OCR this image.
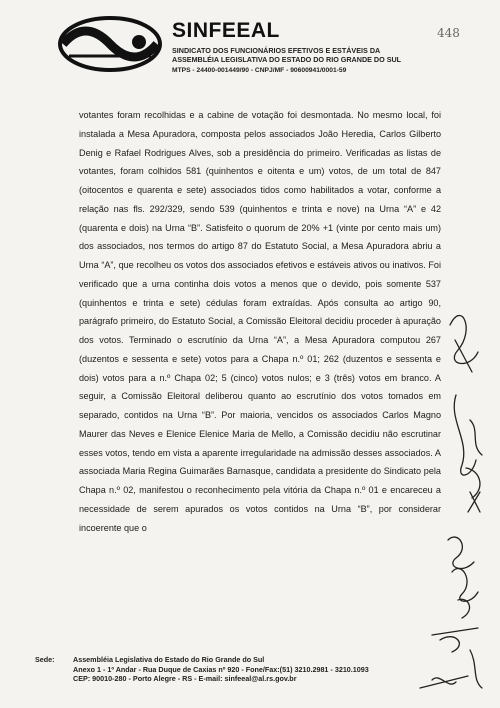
SINFEEAL
SINDICATO DOS FUNCIONÁRIOS EFETIVOS E ESTÁVEIS DA
ASSEMBLÉIA LEGISLATIVA DO ESTADO DO RIO GRANDE DO SUL
MTPS - 24400-001449/90 - CNPJ/MF - 90600941/0001-59
448

votantes foram recolhidas e a cabine de votação foi desmontada. No mesmo local, foi instalada a Mesa Apuradora, composta pelos associados João Heredia, Carlos Gilberto Denig e Rafael Rodrigues Alves, sob a presidência do primeiro. Verificadas as listas de votantes, foram colhidos 581 (quinhentos e oitenta e um) votos, de um total de 847 (oitocentos e quarenta e sete) associados tidos como habilitados a votar, conforme a relação nas fls. 292/329, sendo 539 (quinhentos e trinta e nove) na Urna “A” e 42 (quarenta e dois) na Urna “B”. Satisfeito o quorum de 20% +1 (vinte por cento mais um) dos associados, nos termos do artigo 87 do Estatuto Social, a Mesa Apuradora abriu a Urna “A”, que recolheu os votos dos associados efetivos e estáveis ativos ou inativos. Foi verificado que a urna continha dois votos a menos que o devido, pois somente 537 (quinhentos e trinta e sete) cédulas foram extraídas. Após consulta ao artigo 90, parágrafo primeiro, do Estatuto Social, a Comissão Eleitoral decidiu proceder à apuração dos votos. Terminado o escrutínio da Urna “A”, a Mesa Apuradora computou 267 (duzentos e sessenta e sete) votos para a Chapa n.º 01; 262 (duzentos e sessenta e dois) votos para a n.º Chapa 02; 5 (cinco) votos nulos; e 3 (três) votos em branco. A seguir, a Comissão Eleitoral deliberou quanto ao escrutínio dos votos tomados em separado, contidos na Urna “B”. Por maioria, vencidos os associados Carlos Magno Maurer das Neves e Elenice Elenice Maria de Mello, a Comissão decidiu não escrutinar esses votos, tendo em vista a aparente irregularidade na admissão desses associados. A associada Maria Regina Guimarães Barnasque, candidata a presidente do Sindicato pela Chapa n.º 02, manifestou o reconhecimento pela vitória da Chapa n.º 01 e encareceu a necessidade de serem apurados os votos contidos na Urna “B”, por considerar incoerente que o

Sede:	Assembléia Legislativa do Estado do Rio Grande do Sul
Anexo 1 - 1º Andar - Rua Duque de Caxias nº 920 - Fone/Fax:(51) 3210.2981 - 3210.1093
CEP: 90010-280 - Porto Alegre - RS - E-mail: sinfeeal@al.rs.gov.br
